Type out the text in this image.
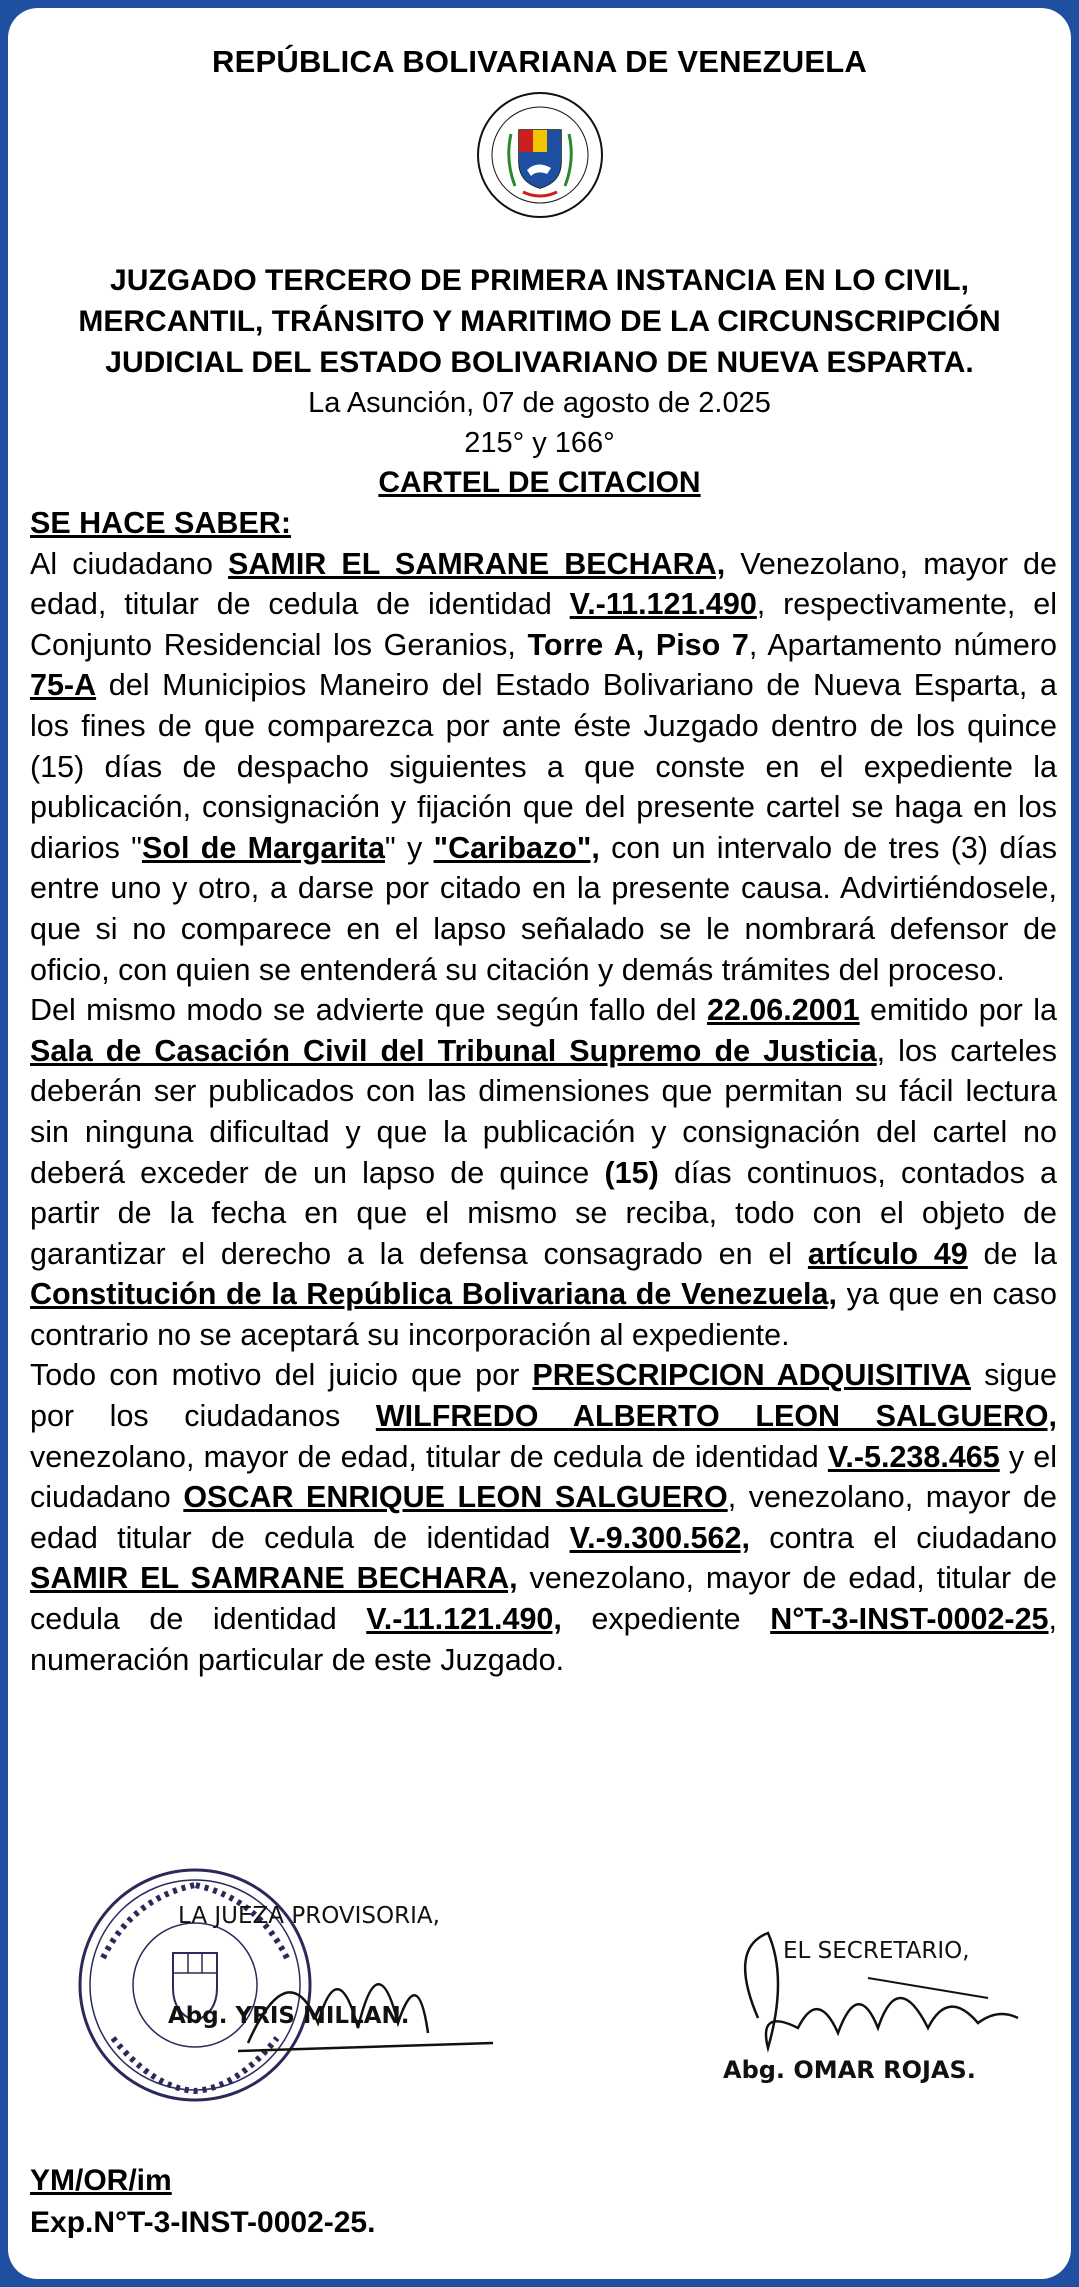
REPÚBLICA BOLIVARIANA DE VENEZUELA
JUZGADO TERCERO DE PRIMERA INSTANCIA EN LO CIVIL, MERCANTIL, TRÁNSITO Y MARITIMO DE LA CIRCUNSCRIPCIÓN JUDICIAL DEL ESTADO BOLIVARIANO DE NUEVA ESPARTA.
La Asunción, 07 de agosto de 2.025
215° y 166°
CARTEL DE CITACION

SE HACE SABER:

Al ciudadano SAMIR EL SAMRANE BECHARA, Venezolano, mayor de edad, titular de cedula de identidad V.-11.121.490, respectivamente, el Conjunto Residencial los Geranios, Torre A, Piso 7, Apartamento número 75-A del Municipios Maneiro del Estado Bolivariano de Nueva Esparta, a los fines de que comparezca por ante éste Juzgado dentro de los quince (15) días de despacho siguientes a que conste en el expediente la publicación, consignación y fijación que del presente cartel se haga en los diarios "Sol de Margarita" y "Caribazo", con un intervalo de tres (3) días entre uno y otro, a darse por citado en la presente causa. Advirtiéndosele, que si no comparece en el lapso señalado se le nombrará defensor de oficio, con quien se entenderá su citación y demás trámites del proceso.

Del mismo modo se advierte que según fallo del 22.06.2001 emitido por la Sala de Casación Civil del Tribunal Supremo de Justicia, los carteles deberán ser publicados con las dimensiones que permitan su fácil lectura sin ninguna dificultad y que la publicación y consignación del cartel no deberá exceder de un lapso de quince (15) días continuos, contados a partir de la fecha en que el mismo se reciba, todo con el objeto de garantizar el derecho a la defensa consagrado en el artículo 49 de la Constitución de la República Bolivariana de Venezuela, ya que en caso contrario no se aceptará su incorporación al expediente.

Todo con motivo del juicio que por PRESCRIPCION ADQUISITIVA sigue por los ciudadanos WILFREDO ALBERTO LEON SALGUERO, venezolano, mayor de edad, titular de cedula de identidad V.-5.238.465 y el ciudadano OSCAR ENRIQUE LEON SALGUERO, venezolano, mayor de edad titular de cedula de identidad V.-9.300.562, contra el ciudadano SAMIR EL SAMRANE BECHARA, venezolano, mayor de edad, titular de cedula de identidad V.-11.121.490, expediente N°T-3-INST-0002-25, numeración particular de este Juzgado.

LA JUEZA PROVISORIA,
Abg. YRIS MILLAN.
EL SECRETARIO,
Abg. OMAR ROJAS.
YM/OR/im
Exp.N°T-3-INST-0002-25.
